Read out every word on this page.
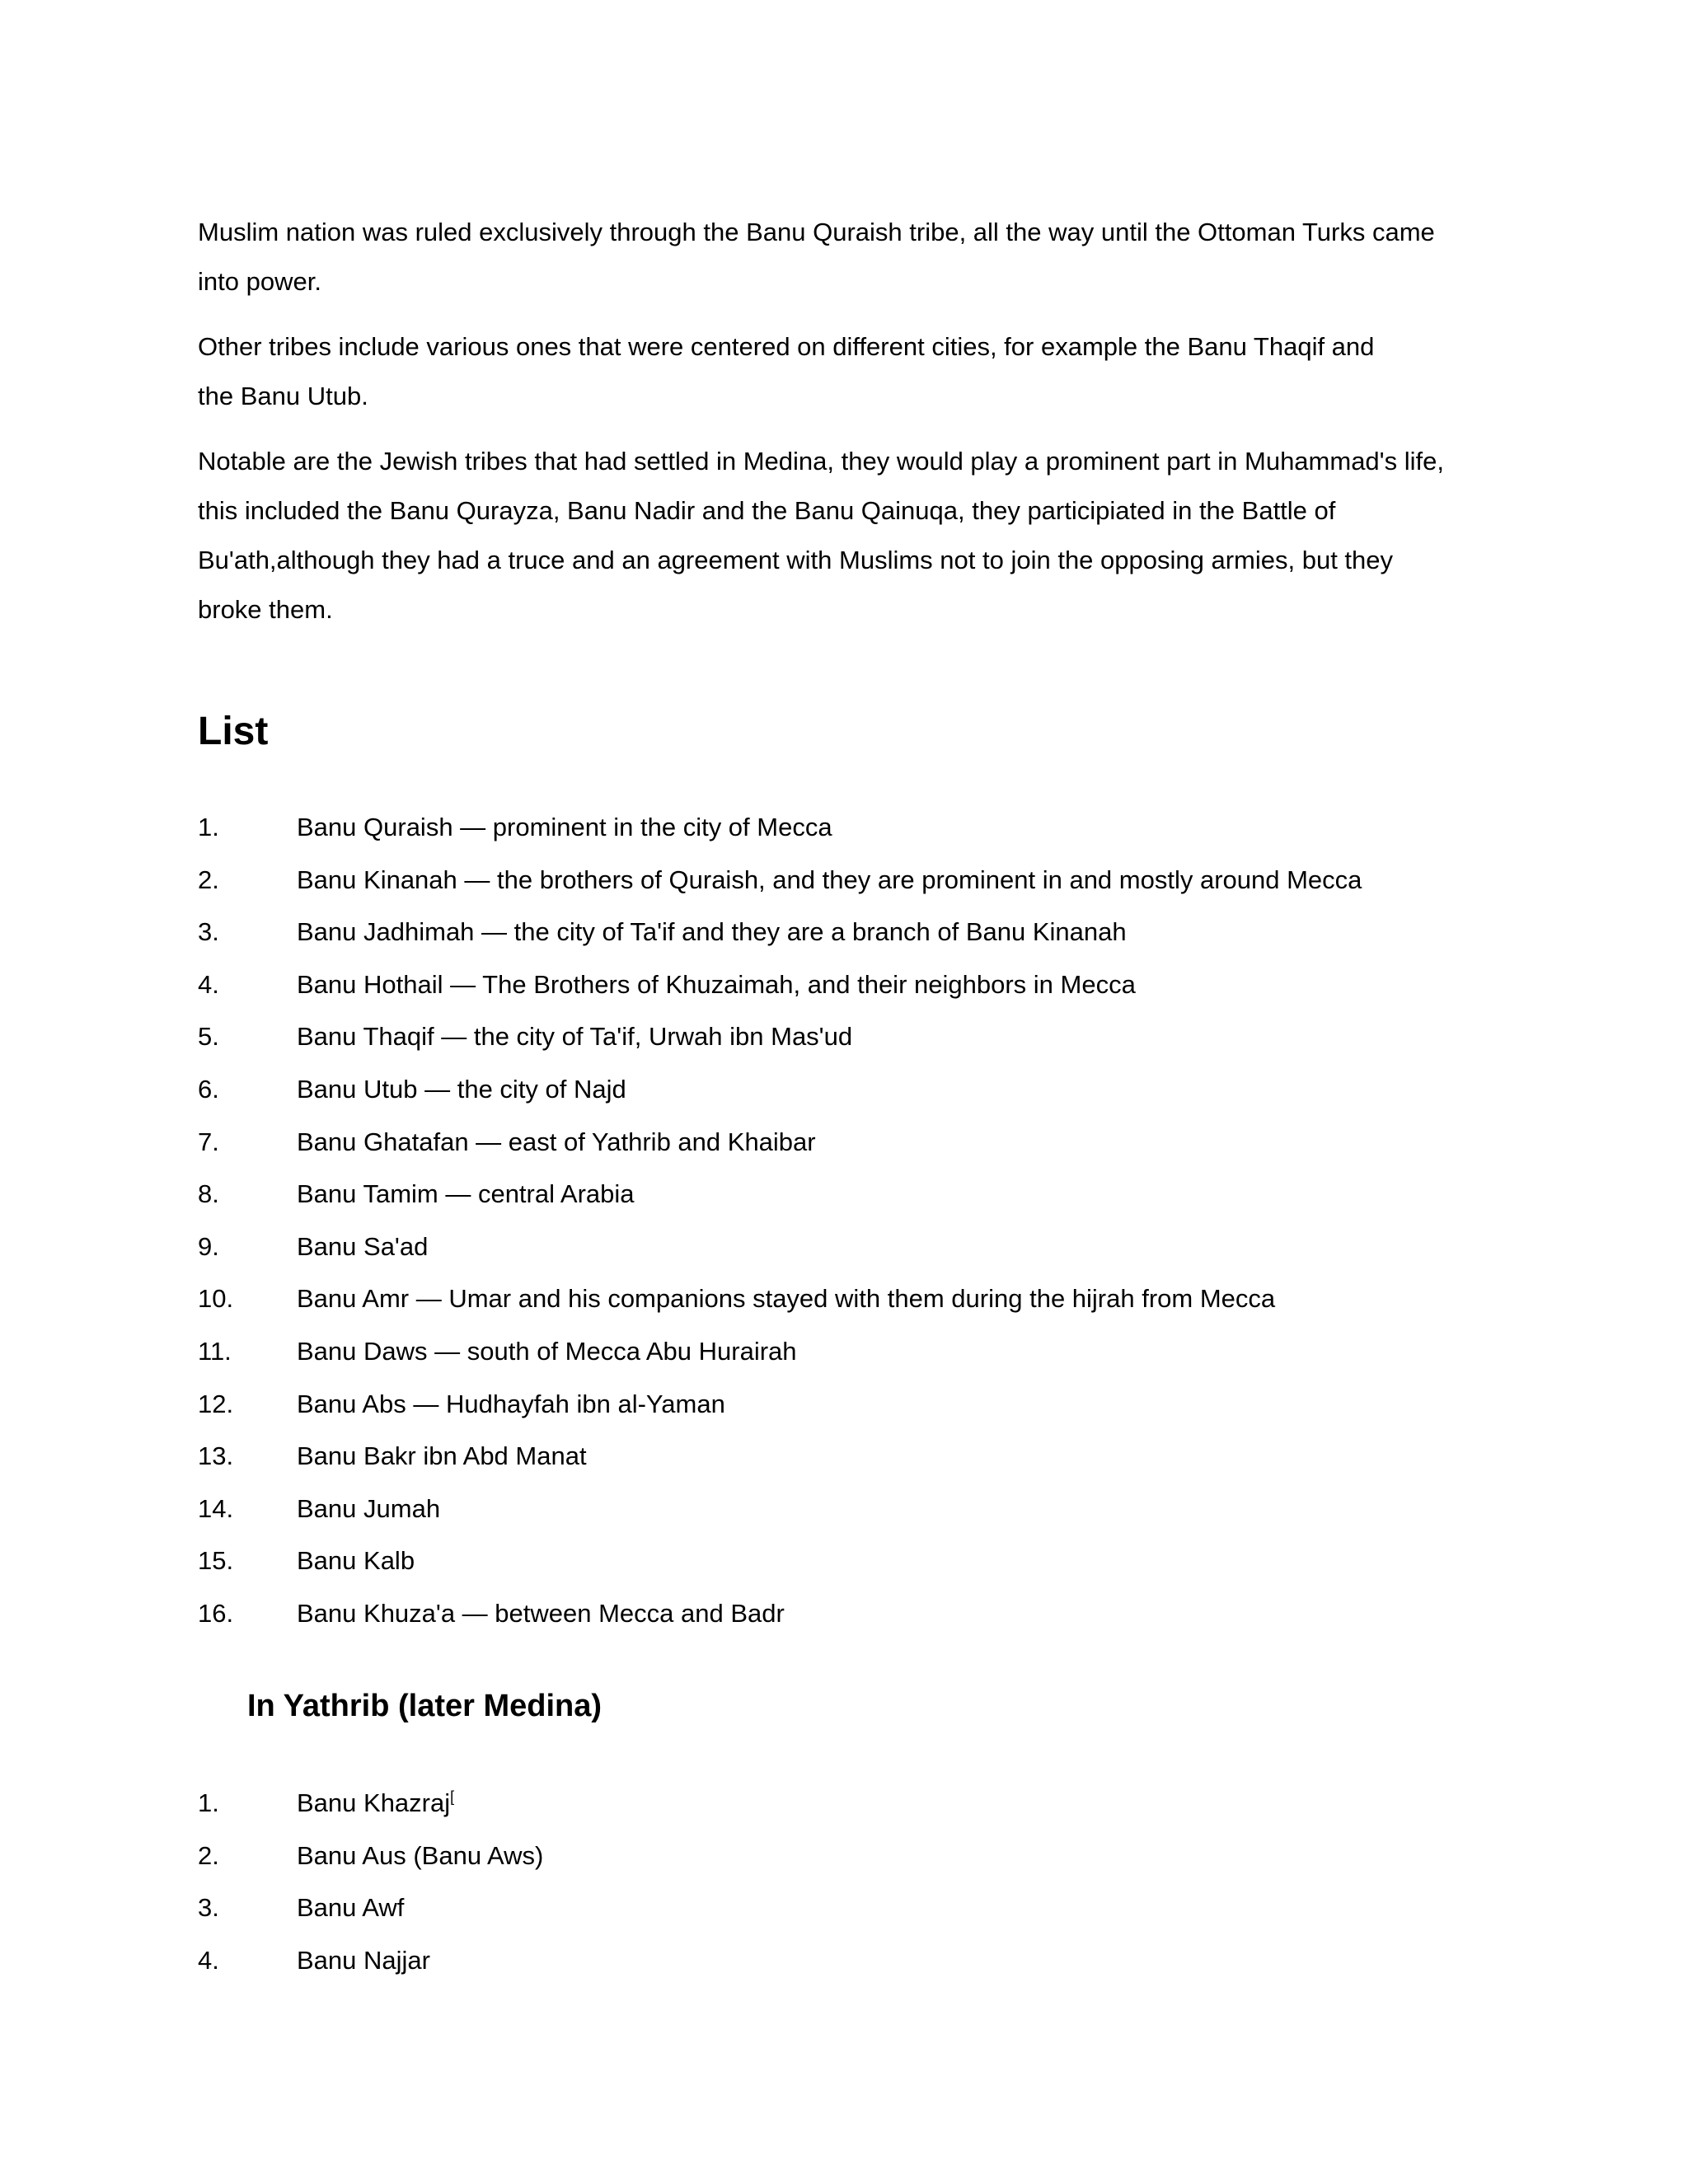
Muslim nation was ruled exclusively through the Banu Quraish tribe, all the way until the Ottoman Turks came
into power.

Other tribes include various ones that were centered on different cities, for example the Banu Thaqif and
the Banu Utub.

Notable are the Jewish tribes that had settled in Medina, they would play a prominent part in Muhammad's life,
this included the Banu Qurayza, Banu Nadir and the Banu Qainuqa, they participiated in the Battle of
Bu'ath,although they had a truce and an agreement with Muslims not to join the opposing armies, but they
broke them.

List
1.	Banu Quraish — prominent in the city of Mecca
2.	Banu Kinanah — the brothers of Quraish, and they are prominent in and mostly around Mecca
3.	Banu Jadhimah — the city of Ta'if and they are a branch of Banu Kinanah
4.	Banu Hothail — The Brothers of Khuzaimah, and their neighbors in Mecca
5.	Banu Thaqif — the city of Ta'if, Urwah ibn Mas'ud
6.	Banu Utub — the city of Najd
7.	Banu Ghatafan — east of Yathrib and Khaibar
8.	Banu Tamim — central Arabia
9.	Banu Sa'ad
10. Banu Amr — Umar and his companions stayed with them during the hijrah from Mecca
11.	Banu Daws — south of Mecca Abu Hurairah
12. Banu Abs — Hudhayfah ibn al-Yaman
13. Banu Bakr ibn Abd Manat
14. Banu Jumah
15. Banu Kalb
16. Banu Khuza'a — between Mecca and Badr
In Yathrib (later Medina)
1.	Banu Khazraj[
2.	Banu Aus (Banu Aws)
3.	Banu Awf
4.	Banu Najjar
